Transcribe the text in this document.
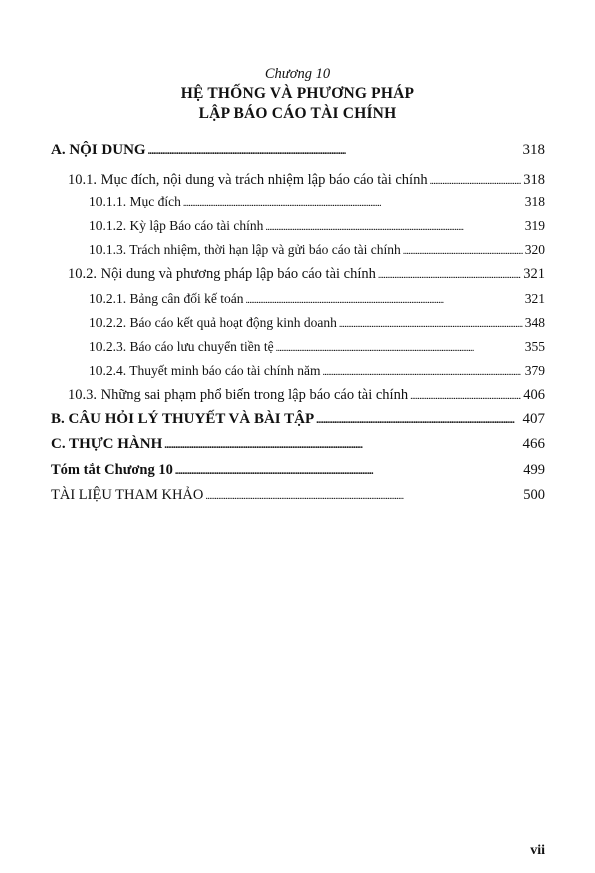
Chương 10
HỆ THỐNG VÀ PHƯƠNG PHÁP
LẬP BÁO CÁO TÀI CHÍNH
A. NỘI DUNG . . .	318
10.1. Mục đích, nội dung và trách nhiệm lập báo cáo tài chính . . .	318
10.1.1. Mục đích . . .	318
10.1.2. Kỳ lập Báo cáo tài chính . . .	319
10.1.3. Trách nhiệm, thời hạn lập và gửi báo cáo tài chính . . .	320
10.2. Nội dung và phương pháp lập báo cáo tài chính . . .	321
10.2.1. Bảng cân đối kế toán . . .	321
10.2.2. Báo cáo kết quả hoạt động kinh doanh . . .	348
10.2.3. Báo cáo lưu chuyển tiền tệ . . .	355
10.2.4. Thuyết minh báo cáo tài chính năm . . .	379
10.3. Những sai phạm phổ biến trong lập báo cáo tài chính . . .	406
B. CÂU HỎI LÝ THUYẾT VÀ BÀI TẬP . . .	407
C. THỰC HÀNH . . .	466
Tóm tắt Chương 10 . . .	499
TÀI LIỆU THAM KHẢO . . .	500
vii
